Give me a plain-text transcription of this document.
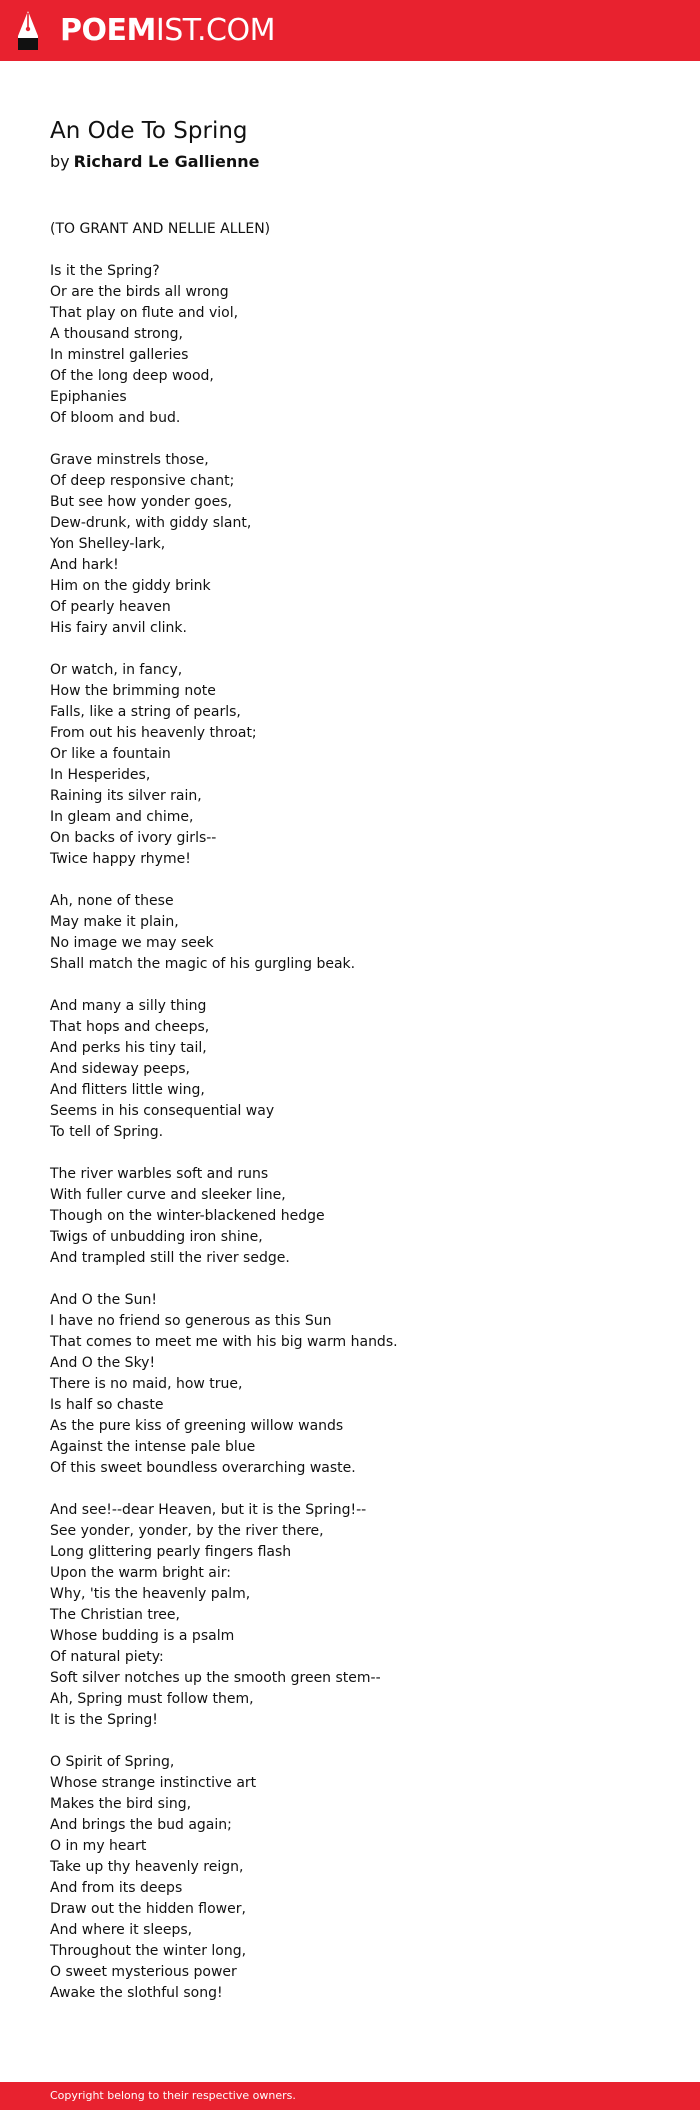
POEMIST.COM
An Ode To Spring

by Richard Le Gallienne

(TO GRANT AND NELLIE ALLEN)
Is it the Spring?
Or are the birds all wrong
That play on flute and viol,
A thousand strong,
In minstrel galleries
Of the long deep wood,
Epiphanies
Of bloom and bud.
Grave minstrels those,
Of deep responsive chant;
But see how yonder goes,
Dew-drunk, with giddy slant,
Yon Shelley-lark,
And hark!
Him on the giddy brink
Of pearly heaven
His fairy anvil clink.
Or watch, in fancy,
How the brimming note
Falls, like a string of pearls,
From out his heavenly throat;
Or like a fountain
In Hesperides,
Raining its silver rain,
In gleam and chime,
On backs of ivory girls--
Twice happy rhyme!
Ah, none of these
May make it plain,
No image we may seek
Shall match the magic of his gurgling beak.
And many a silly thing
That hops and cheeps,
And perks his tiny tail,
And sideway peeps,
And flitters little wing,
Seems in his consequential way
To tell of Spring.
The river warbles soft and runs
With fuller curve and sleeker line,
Though on the winter-blackened hedge
Twigs of unbudding iron shine,
And trampled still the river sedge.
And O the Sun!
I have no friend so generous as this Sun
That comes to meet me with his big warm hands.
And O the Sky!
There is no maid, how true,
Is half so chaste
As the pure kiss of greening willow wands
Against the intense pale blue
Of this sweet boundless overarching waste.
And see!--dear Heaven, but it is the Spring!--
See yonder, yonder, by the river there,
Long glittering pearly fingers flash
Upon the warm bright air:
Why, 'tis the heavenly palm,
The Christian tree,
Whose budding is a psalm
Of natural piety:
Soft silver notches up the smooth green stem--
Ah, Spring must follow them,
It is the Spring!
O Spirit of Spring,
Whose strange instinctive art
Makes the bird sing,
And brings the bud again;
O in my heart
Take up thy heavenly reign,
And from its deeps
Draw out the hidden flower,
And where it sleeps,
Throughout the winter long,
O sweet mysterious power
Awake the slothful song!
Copyright belong to their respective owners.
